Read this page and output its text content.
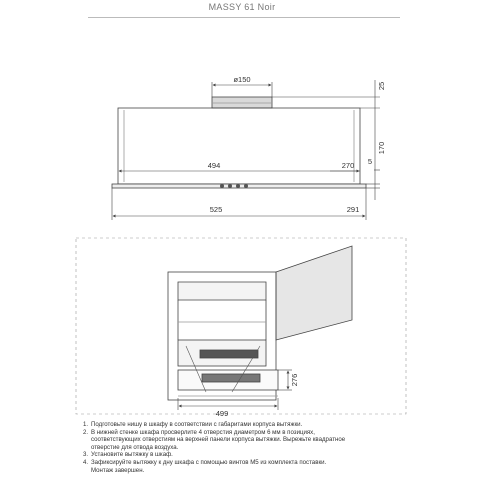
MASSY 61 Noir
ø150
494	270
525	291
25
170
5
276
499
1. Подготовьте нишу в шкафу в соответствии с габаритами корпуса вытяжки.
2. В нижней стенке шкафа просверлите 4 отверстия диаметром 6 мм в позициях,
соответствующих отверстиям на верхней панели корпуса вытяжки. Вырежьте квадратное
отверстие для отвода воздуха.
3. Установите вытяжку в шкаф.
4. Зафиксируйте вытяжку к дну шкафа с помощью винтов M5 из комплекта поставки.
Монтаж завершен.
